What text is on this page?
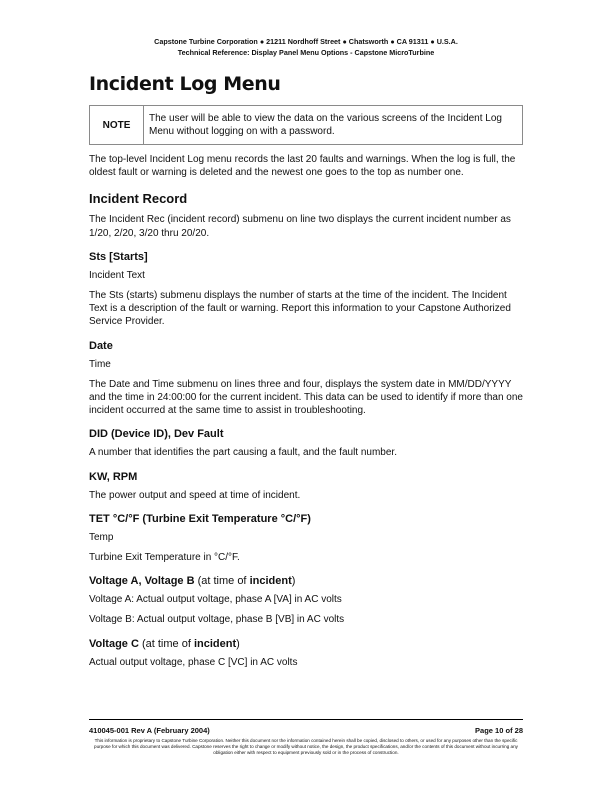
Capstone Turbine Corporation ● 21211 Nordhoff Street ● Chatsworth ● CA 91311 ● U.S.A.
Technical Reference: Display Panel Menu Options - Capstone MicroTurbine
Incident Log Menu
NOTE	The user will be able to view the data on the various screens of the Incident Log Menu without logging on with a password.

The top-level Incident Log menu records the last 20 faults and warnings. When the log is full, the oldest fault or warning is deleted and the newest one goes to the top as number one.

Incident Record

The Incident Rec (incident record) submenu on line two displays the current incident number as 1/20, 2/20, 3/20 thru 20/20.

Sts [Starts]

Incident Text

The Sts (starts) submenu displays the number of starts at the time of the incident. The Incident Text is a description of the fault or warning. Report this information to your Capstone Authorized Service Provider.

Date

Time

The Date and Time submenu on lines three and four, displays the system date in MM/DD/YYYY and the time in 24:00:00 for the current incident. This data can be used to identify if more than one incident occurred at the same time to assist in troubleshooting.

DID (Device ID), Dev Fault

A number that identifies the part causing a fault, and the fault number.

KW, RPM

The power output and speed at time of incident.

TET °C/°F (Turbine Exit Temperature °C/°F)

Temp

Turbine Exit Temperature in °C/°F.

Voltage A, Voltage B (at time of incident)

Voltage A: Actual output voltage, phase A [VA] in AC volts

Voltage B: Actual output voltage, phase B [VB] in AC volts

Voltage C (at time of incident)

Actual output voltage, phase C [VC] in AC volts

410045-001 Rev A (February 2004)	Page 10 of 28
This information is proprietary to Capstone Turbine Corporation. Neither this document nor the information contained herein shall be copied, disclosed to others, or used for any purposes other than the specific purpose for which this document was delivered. Capstone reserves the right to change or modify without notice, the design, the product specifications, and/or the contents of this document without incurring any obligation either with respect to equipment previously sold or in the process of construction.
